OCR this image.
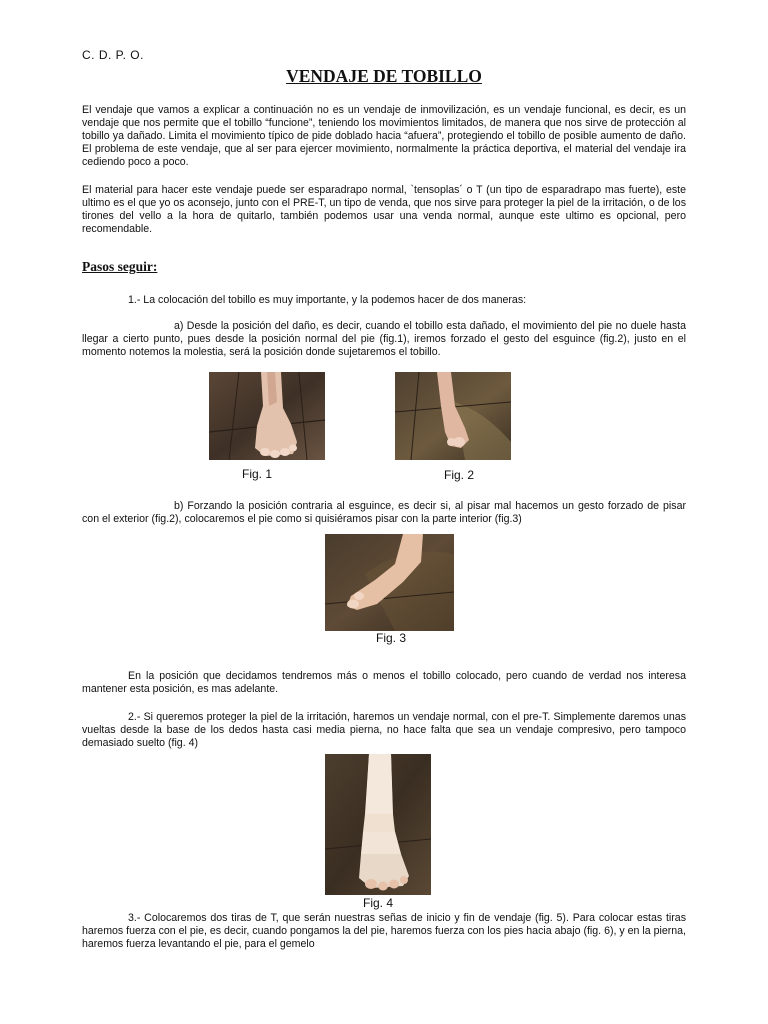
C. D. P. O.

VENDAJE DE TOBILLO

El vendaje que vamos a explicar a continuación no es un vendaje de inmovilización, es un vendaje funcional, es decir, es un vendaje que nos permite que el tobillo “funcione”, teniendo los movimientos limitados, de manera que nos sirve de protección al tobillo ya dañado. Limita el movimiento típico de pide doblado hacia “afuera”, protegiendo el tobillo de posible aumento de daño. El problema de este vendaje, que al ser para ejercer movimiento, normalmente la práctica deportiva, el material del vendaje ira cediendo poco a poco.

El material para hacer este vendaje puede ser esparadrapo normal, `tensoplas´ o T (un tipo de esparadrapo mas fuerte), este ultimo es el que yo os aconsejo, junto con el PRE-T, un tipo de venda, que nos sirve para proteger la piel de la irritación, o de los tirones del vello a la hora de quitarlo, también podemos usar una venda normal, aunque este ultimo es opcional, pero recomendable.

Pasos seguir:

1.- La colocación del tobillo es muy importante, y la podemos hacer de dos maneras:

a) Desde la posición del daño, es decir, cuando el tobillo esta dañado, el movimiento del pie no duele hasta llegar a cierto punto, pues desde la posición normal del pie (fig.1), iremos forzado el gesto del esguince (fig.2), justo en el momento notemos la molestia, será la posición donde sujetaremos el tobillo.

Fig. 1	Fig. 2

b) Forzando la posición contraria al esguince, es decir si, al pisar mal hacemos un gesto forzado de pisar con el exterior (fig.2), colocaremos el pie como si quisiéramos pisar con la parte interior (fig.3)

Fig. 3

En la posición que decidamos tendremos más o menos el tobillo colocado, pero cuando de verdad nos interesa mantener esta posición, es mas adelante.

2.- Si queremos proteger la piel de la irritación, haremos un vendaje normal, con el pre-T. Simplemente daremos unas vueltas desde la base de los dedos hasta casi media pierna, no hace falta que sea un vendaje compresivo, pero tampoco demasiado suelto (fig. 4)

Fig. 4

3.- Colocaremos dos tiras de T, que serán nuestras señas de inicio y fin de vendaje (fig. 5). Para colocar estas tiras haremos fuerza con el pie, es decir, cuando pongamos la del pie, haremos fuerza con los pies hacia abajo (fig. 6), y en la pierna, haremos fuerza levantando el pie, para el gemelo
